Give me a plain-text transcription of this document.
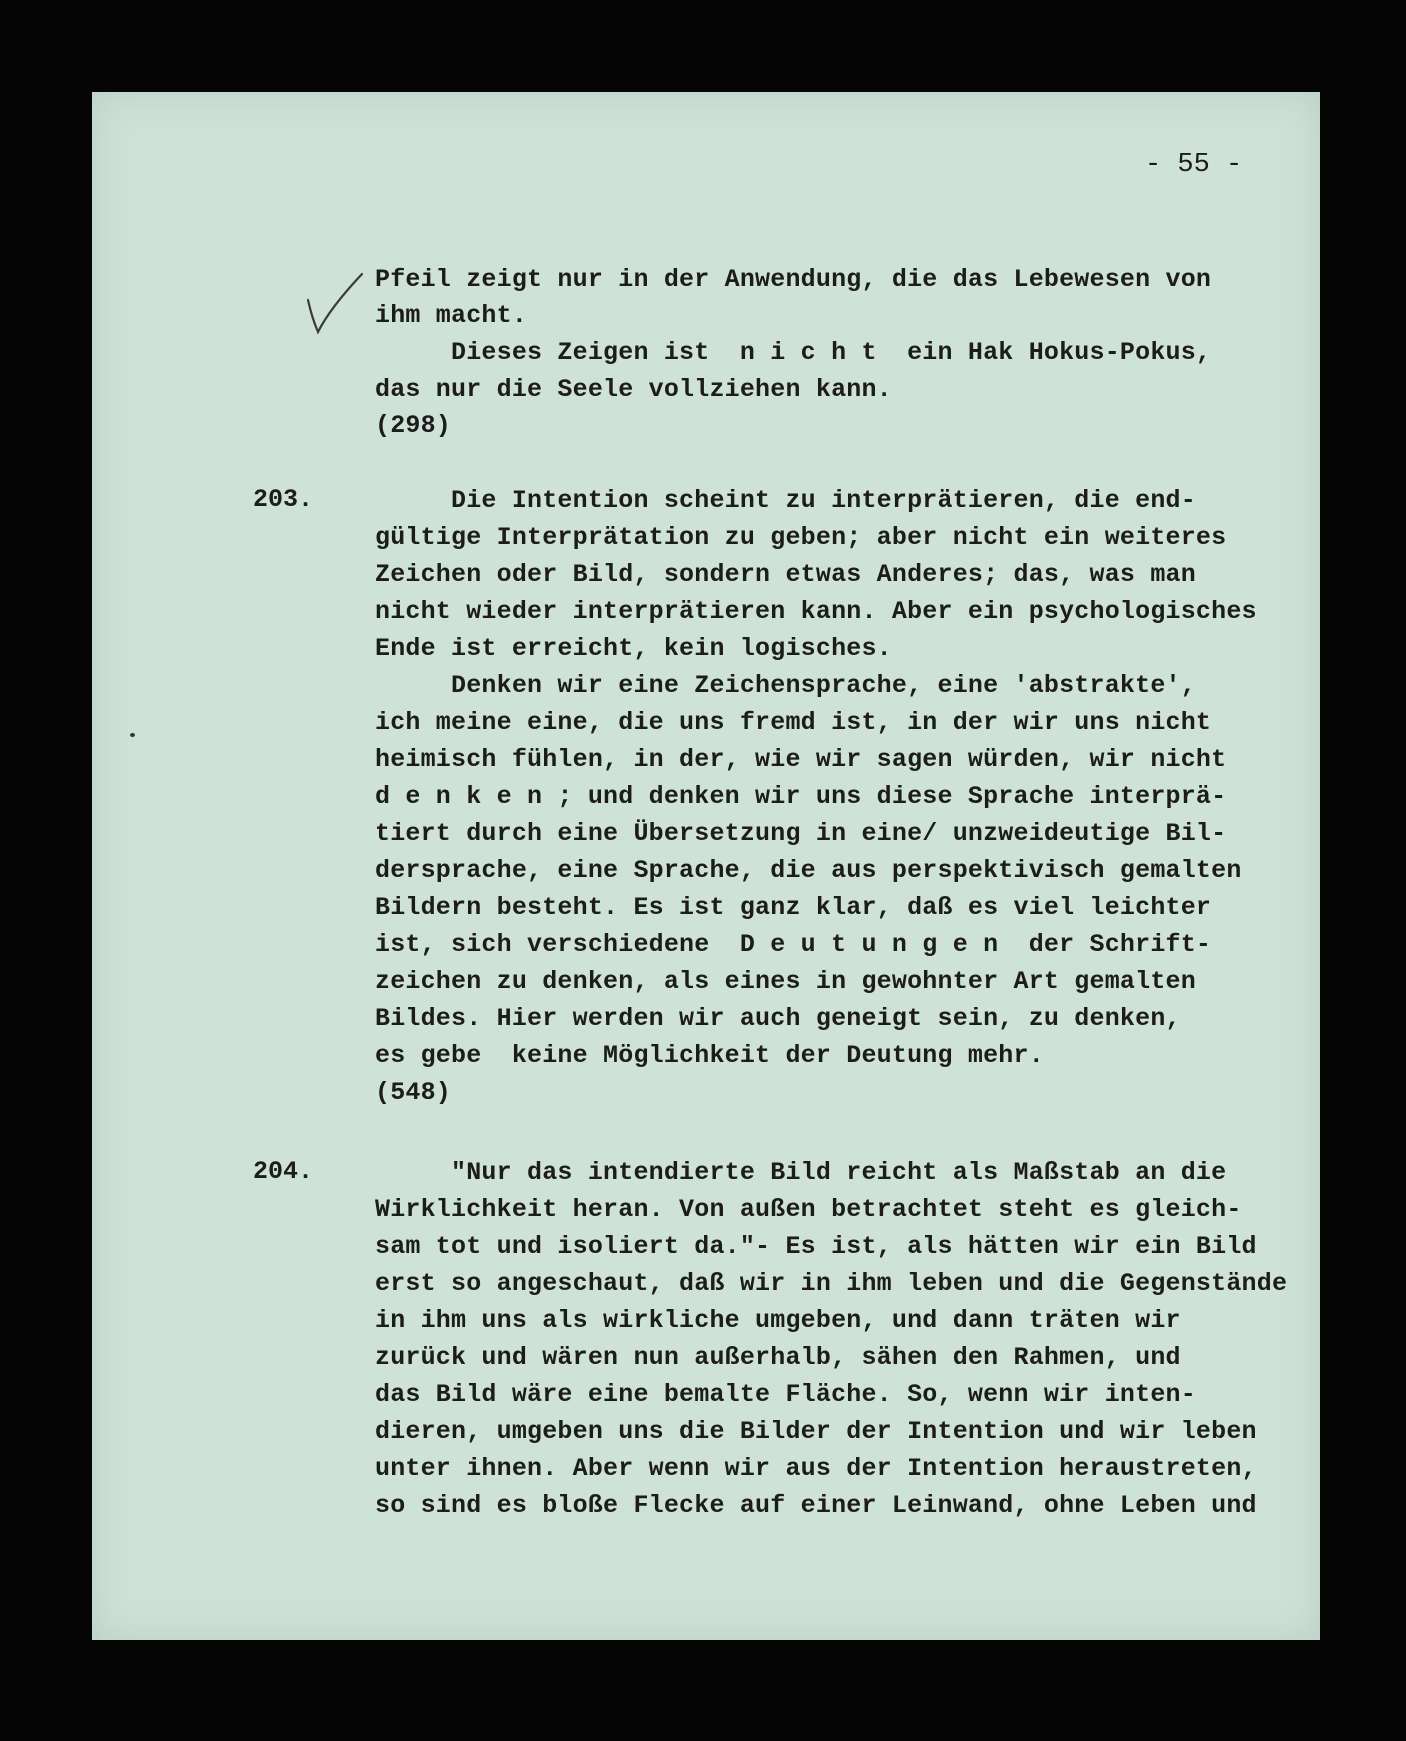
- 55 -
Pfeil zeigt nur in der Anwendung, die das Lebewesen von
ihm macht.
Dieses Zeigen ist  n i c h t  ein Hak Hokus-Pokus,
das nur die Seele vollziehen kann.
(298)
203. Die Intention scheint zu interprätieren, die end-
gültige Interprätation zu geben; aber nicht ein weiteres
Zeichen oder Bild, sondern etwas Anderes; das, was man
nicht wieder interprätieren kann. Aber ein psychologisches
Ende ist erreicht, kein logisches.
Denken wir eine Zeichensprache, eine 'abstrakte',
ich meine eine, die uns fremd ist, in der wir uns nicht
heimisch fühlen, in der, wie wir sagen würden, wir nicht
d e n k e n ; und denken wir uns diese Sprache interprä-
tiert durch eine Übersetzung in eine/ unzweideutige Bil-
dersprache, eine Sprache, die aus perspektivisch gemalten
Bildern besteht. Es ist ganz klar, daß es viel leichter
ist, sich verschiedene  D e u t u n g e n  der Schrift-
zeichen zu denken, als eines in gewohnter Art gemalten
Bildes. Hier werden wir auch geneigt sein, zu denken,
es gebe  keine Möglichkeit der Deutung mehr.
(548)
204. "Nur das intendierte Bild reicht als Maßstab an die
Wirklichkeit heran. Von außen betrachtet steht es gleich-
sam tot und isoliert da."- Es ist, als hätten wir ein Bild
erst so angeschaut, daß wir in ihm leben und die Gegenstände
in ihm uns als wirkliche umgeben, und dann träten wir
zurück und wären nun außerhalb, sähen den Rahmen, und
das Bild wäre eine bemalte Fläche. So, wenn wir inten-
dieren, umgeben uns die Bilder der Intention und wir leben
unter ihnen. Aber wenn wir aus der Intention heraustreten,
so sind es bloße Flecke auf einer Leinwand, ohne Leben und
